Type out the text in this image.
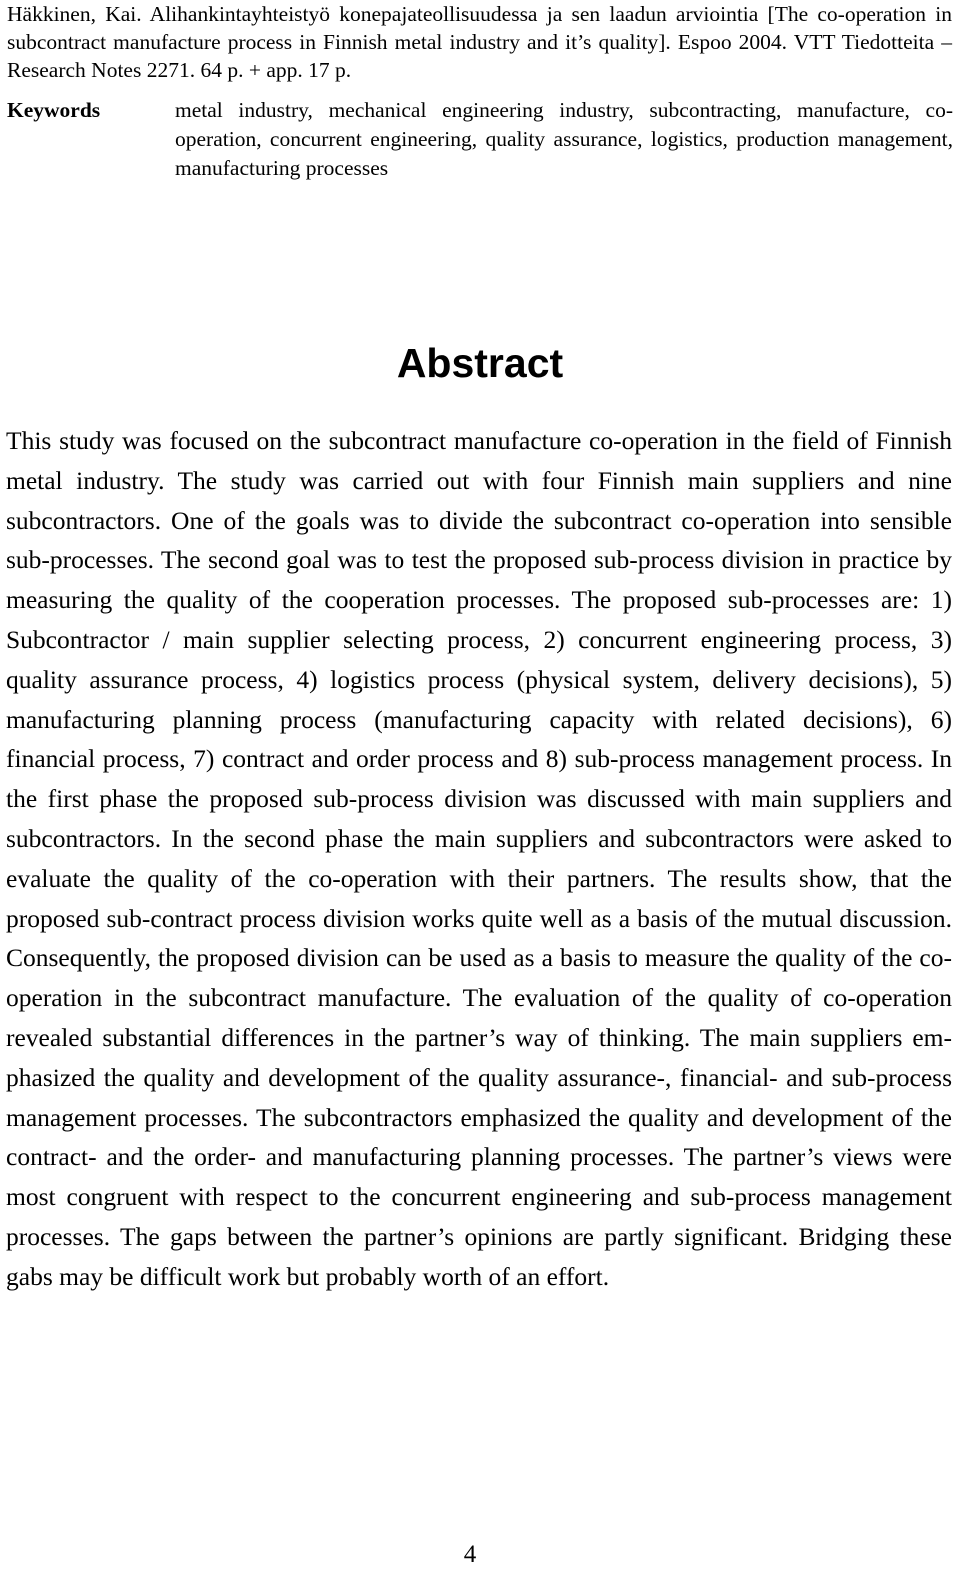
Häkkinen, Kai. Alihankintayhteistyö konepajateollisuudessa ja sen laadun arviointia [The co-operation in subcontract manufacture process in Finnish metal industry and it’s quality]. Espoo 2004. VTT Tiedotteita – Research Notes 2271. 64 p. + app. 17 p.
Keywords	metal industry, mechanical engineering industry, subcontracting, manufacture, co-operation, concurrent engineering, quality assurance, logistics, production management, manufacturing processes
Abstract

This study was focused on the subcontract manufacture co-operation in the field of Finnish metal industry. The study was carried out with four Finnish main suppliers and nine subcontractors. One of the goals was to divide the subcontract co-operation into sensible sub-processes. The second goal was to test the proposed sub-process division in practice by measuring the quality of the cooperation processes. The proposed sub-processes are: 1) Subcontractor / main supplier selecting process, 2) concurrent engineering process, 3) quality assurance process, 4) logistics process (physical system, delivery decisions), 5) manufacturing planning process (manufacturing capacity with related decisions), 6) financial process, 7) contract and order process and 8) sub-process management process. In the first phase the proposed sub-process division was discussed with main suppliers and subcontractors. In the second phase the main suppliers and subcontractors were asked to evaluate the quality of the co-operation with their partners. The results show, that the proposed sub-contract process division works quite well as a basis of the mutual discussion. Consequently, the proposed division can be used as a basis to measure the quality of the co-operation in the subcontract manufacture. The evaluation of the quality of co-operation revealed substantial differences in the partner’s way of thinking. The main suppliers emphasized the quality and development of the quality assurance-, financial- and sub-process management processes. The subcontractors emphasized the quality and development of the contract- and the order- and manufacturing planning processes. The partner’s views were most congruent with respect to the concurrent engineering and sub-process management processes. The gaps between the partner’s opinions are partly significant. Bridging these gabs may be difficult work but probably worth of an effort.

4
